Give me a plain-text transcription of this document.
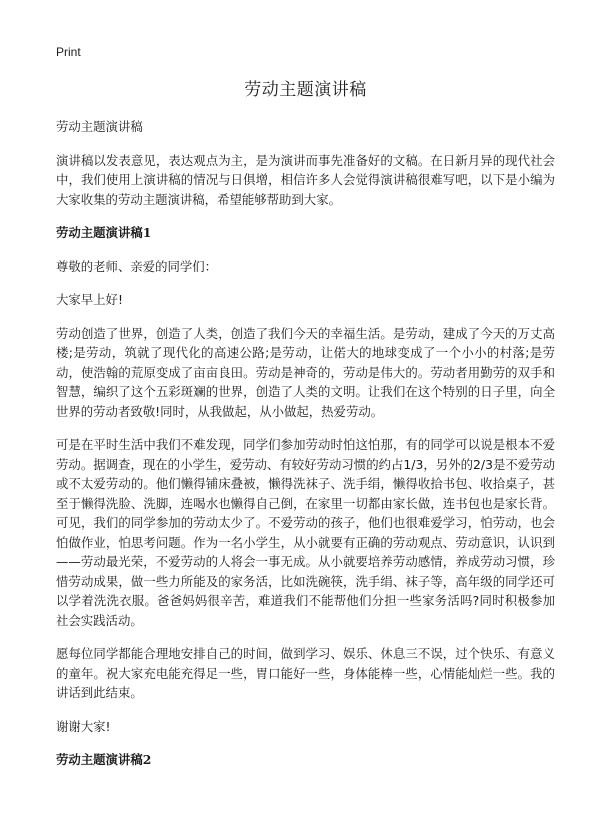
Print
劳动主题演讲稿

劳动主题演讲稿

演讲稿以发表意见，表达观点为主，是为演讲而事先准备好的文稿。在日新月异的现代社会中，我们使用上演讲稿的情况与日俱增，相信许多人会觉得演讲稿很难写吧，以下是小编为大家收集的劳动主题演讲稿，希望能够帮助到大家。

劳动主题演讲稿1

尊敬的老师、亲爱的同学们：

大家早上好!

劳动创造了世界，创造了人类，创造了我们今天的幸福生活。是劳动，建成了今天的万丈高楼;是劳动，筑就了现代化的高速公路;是劳动，让偌大的地球变成了一个小小的村落;是劳动，使浩翰的荒原变成了亩亩良田。劳动是神奇的，劳动是伟大的。劳动者用勤劳的双手和智慧，编织了这个五彩斑斓的世界，创造了人类的文明。让我们在这个特别的日子里，向全世界的劳动者致敬!同时，从我做起，从小做起，热爱劳动。

可是在平时生活中我们不难发现，同学们参加劳动时怕这怕那，有的同学可以说是根本不爱劳动。据调查，现在的小学生，爱劳动、有较好劳动习惯的约占1/3，另外的2/3是不爱劳动或不太爱劳动的。他们懒得铺床叠被，懒得洗袜子、洗手绢，懒得收拾书包、收拾桌子，甚至于懒得洗脸、洗脚，连喝水也懒得自己倒，在家里一切都由家长做，连书包也是家长背。可见，我们的同学参加的劳动太少了。不爱劳动的孩子，他们也很难爱学习，怕劳动，也会怕做作业，怕思考问题。作为一名小学生，从小就要有正确的劳动观点、劳动意识，认识到——劳动最光荣，不爱劳动的人将会一事无成。从小就要培养劳动感情，养成劳动习惯，珍惜劳动成果，做一些力所能及的家务活，比如洗碗筷，洗手绢、袜子等，高年级的同学还可以学着洗洗衣服。爸爸妈妈很辛苦，难道我们不能帮他们分担一些家务活吗?同时积极参加社会实践活动。

愿每位同学都能合理地安排自己的时间，做到学习、娱乐、休息三不误，过个快乐、有意义的童年。祝大家充电能充得足一些，胃口能好一些，身体能棒一些，心情能灿烂一些。我的讲话到此结束。

谢谢大家!

劳动主题演讲稿2
